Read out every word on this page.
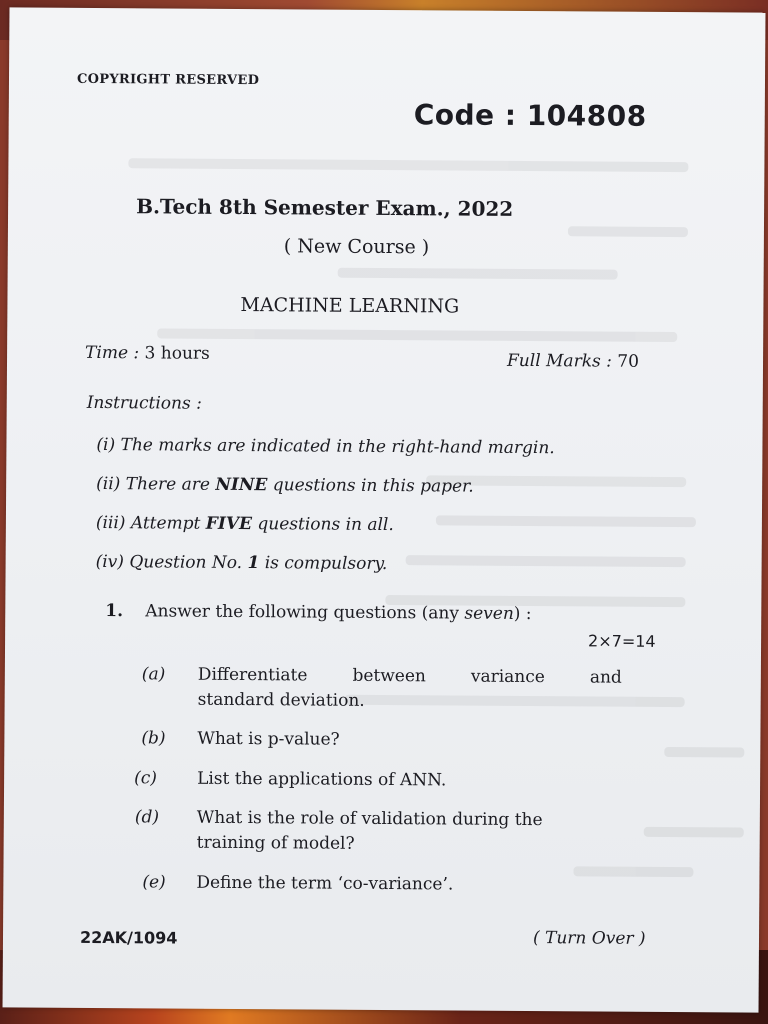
COPYRIGHT RESERVED
Code : 104808
B.Tech 8th Semester Exam., 2022
( New Course )
MACHINE LEARNING
Time : 3 hours	Full Marks : 70
Instructions :
(i) The marks are indicated in the right-hand margin.
(ii) There are NINE questions in this paper.
(iii) Attempt FIVE questions in all.
(iv) Question No. 1 is compulsory.
1. Answer the following questions (any seven) :
2×7=14
(a) Differentiate	between	variance	and
standard deviation.
(b) What is p-value?
(c) List the applications of ANN.
(d) What is the role of validation during the
training of model?
(e) Define the term ‘co-variance’.
22AK/1094	( Turn Over )
